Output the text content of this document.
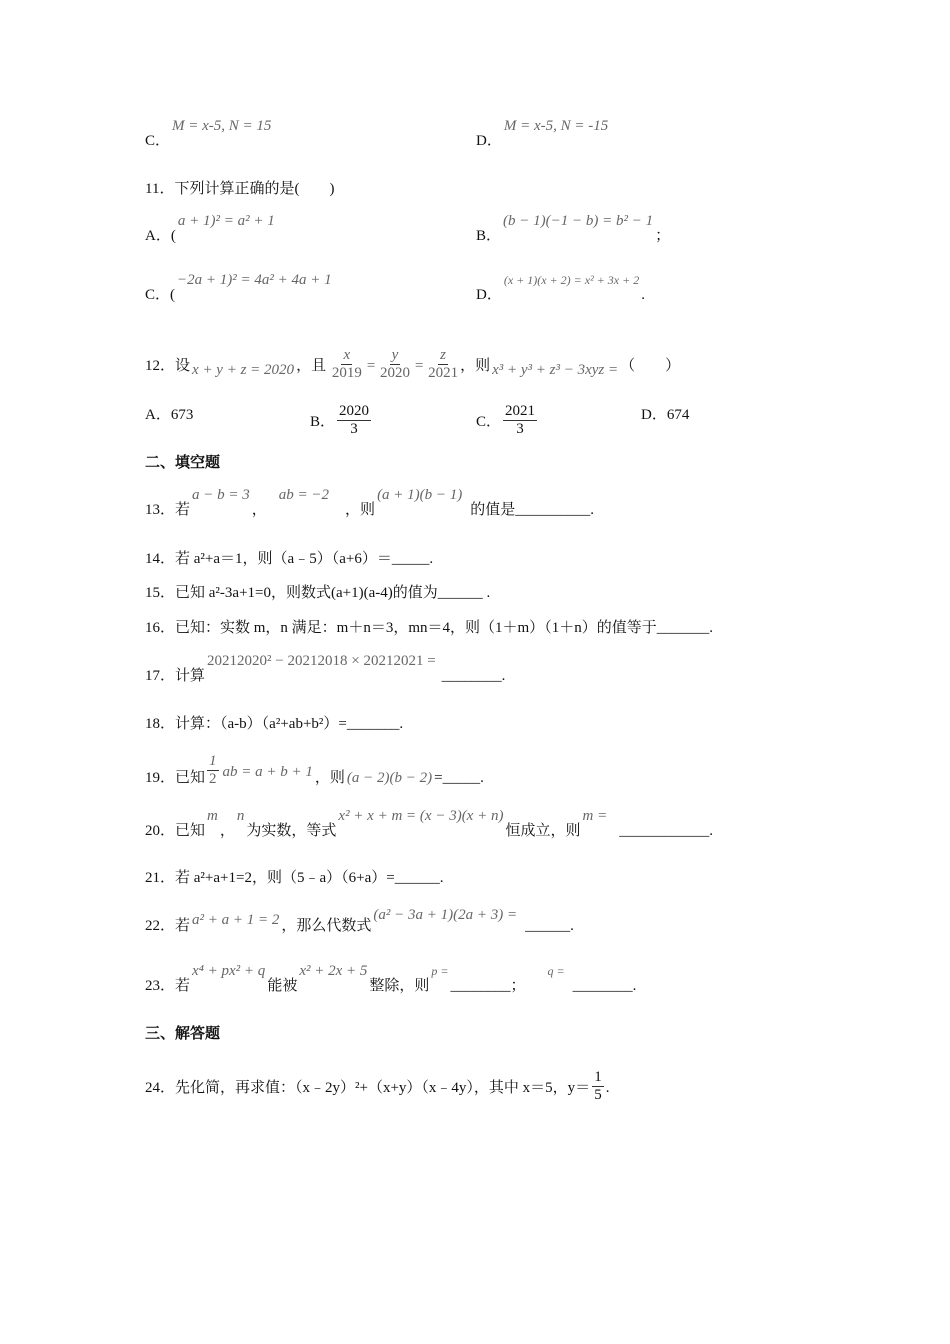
C．M = x-5, N = 15
D．M = x-5, N = -15
11．下列计算正确的是(　　)
A．(a + 1)² = a² + 1
B．(b − 1)(−1 − b) = b² − 1；
C．(−2a + 1)² = 4a² + 4a + 1
D．$^{(x + 1)(x + 2) = x^2 + 3x + 2}$.
12．设 x + y + z = 2020 ，且 $\frac{x}{2019} = \frac{y}{2020} = \frac{z}{2021}$ ，则 x³ + y³ + z³ − 3xyz = （　　）
A．673	B． $\frac{2020}{3}$	C． $\frac{2021}{3}$	D．674
二、填空题
13．若a − b = 3，ab = −2，则(a + 1)(b − 1)的值是__________.
14．若 a²+a＝1，则（a﹣5）（a+6）＝_____.
15．已知 a²-3a+1=0，则数式(a+1)(a-4)的值为______ .
16．已知：实数 m，n 满足：m＋n＝3，mn＝4，则（1＋m）（1＋n）的值等于_______.
17．计算20212020² − 20212018 × 20212021 =________.
18．计算：（a-b）（a²+ab+b²）=_______.
19．已知 $\frac{1}{2}$ ab = a + b + 1 ，则 (a − 2)(b − 2) =_____.
20．已知m，n为实数，等式x² + x + m = (x − 3)(x + n)恒成立，则m =____________.
21．若 a²+a+1=2，则（5﹣a）（6+a）=______.
22．若 a² + a + 1 = 2 ，那么代数式(a² − 3a + 1)(2a + 3) =______.
23．若x⁴ + px² + q能被x² + 2x + 5整除，则$^{p =}$________；$^{q =}$________.
三、解答题
24．先化简，再求值：（x﹣2y）²+（x+y）（x﹣4y），其中 x＝5，$y= \frac{1}{5}$ .
